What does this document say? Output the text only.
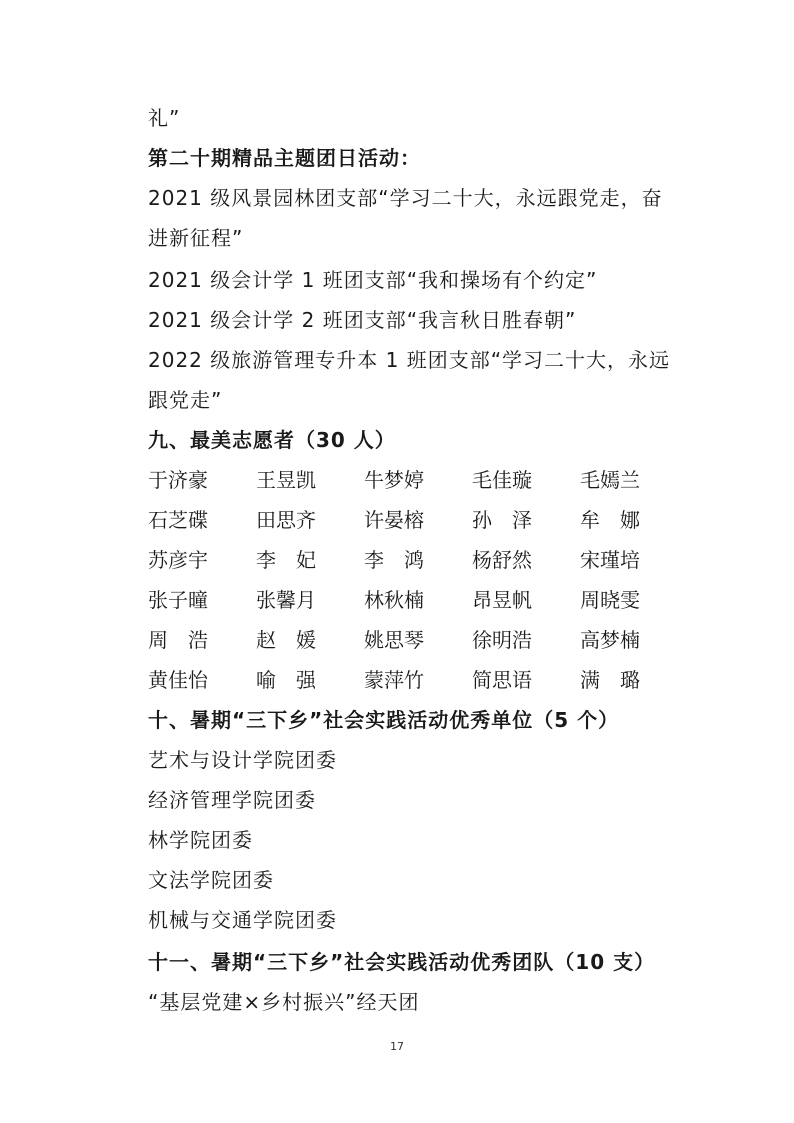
礼”
第二十期精品主题团日活动：
2021 级风景园林团支部“学习二十大，永远跟党走，奋
进新征程”
2021 级会计学 1 班团支部“我和操场有个约定”
2021 级会计学 2 班团支部“我言秋日胜春朝”
2022 级旅游管理专升本 1 班团支部“学习二十大，永远
跟党走”
九、最美志愿者（30 人）
于济豪 王昱凯 牛梦婷 毛佳璇 毛嫣兰
石芝碟 田思齐 许晏榕 孙　泽 牟　娜
苏彦宇 李　妃 李　鸿 杨舒然 宋瑾培
张子曈 张馨月 林秋楠 昂昱帆 周晓雯
周　浩 赵　媛 姚思琴 徐明浩 高梦楠
黄佳怡 喻　强 蒙萍竹 简思语 满　璐
十、暑期“三下乡”社会实践活动优秀单位（5 个）
艺术与设计学院团委
经济管理学院团委
林学院团委
文法学院团委
机械与交通学院团委
十一、暑期“三下乡”社会实践活动优秀团队（10 支）
“基层党建×乡村振兴”经天团
17
